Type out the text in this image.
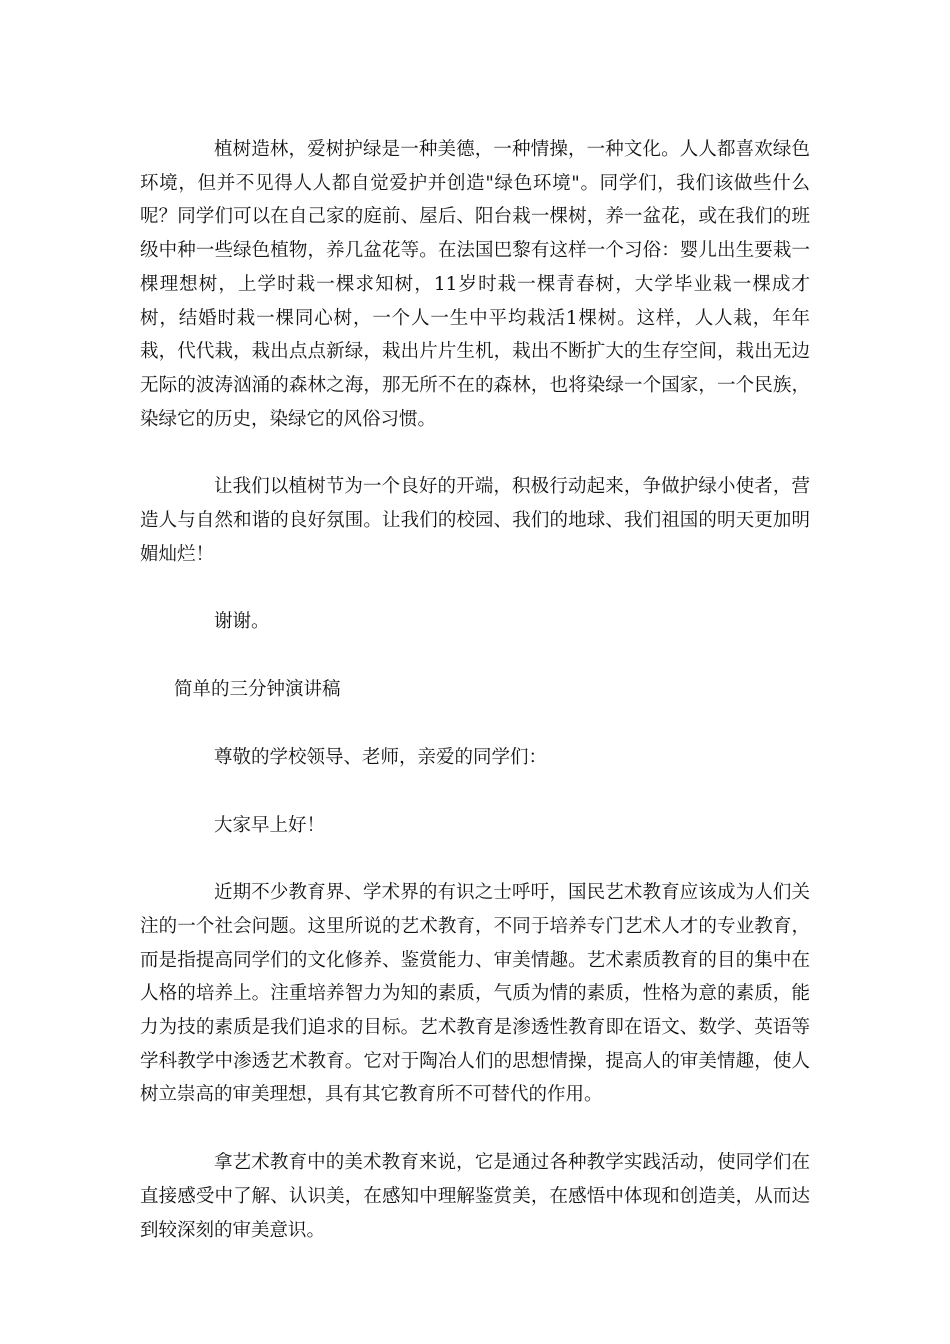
植树造林，爱树护绿是一种美德，一种情操，一种文化。人人都喜欢绿色环境，但并不见得人人都自觉爱护并创造"绿色环境"。同学们，我们该做些什么呢？同学们可以在自己家的庭前、屋后、阳台栽一棵树，养一盆花，或在我们的班级中种一些绿色植物，养几盆花等。在法国巴黎有这样一个习俗：婴儿出生要栽一棵理想树，上学时栽一棵求知树，11岁时栽一棵青春树，大学毕业栽一棵成才树，结婚时栽一棵同心树，一个人一生中平均栽活1棵树。这样，人人栽，年年栽，代代栽，栽出点点新绿，栽出片片生机，栽出不断扩大的生存空间，栽出无边无际的波涛汹涌的森林之海，那无所不在的森林，也将染绿一个国家，一个民族，染绿它的历史，染绿它的风俗习惯。

让我们以植树节为一个良好的开端，积极行动起来，争做护绿小使者，营造人与自然和谐的良好氛围。让我们的校园、我们的地球、我们祖国的明天更加明媚灿烂！

谢谢。

简单的三分钟演讲稿

尊敬的学校领导、老师，亲爱的同学们：

大家早上好！

近期不少教育界、学术界的有识之士呼吁，国民艺术教育应该成为人们关注的一个社会问题。这里所说的艺术教育，不同于培养专门艺术人才的专业教育，而是指提高同学们的文化修养、鉴赏能力、审美情趣。艺术素质教育的目的集中在人格的培养上。注重培养智力为知的素质，气质为情的素质，性格为意的素质，能力为技的素质是我们追求的目标。艺术教育是渗透性教育即在语文、数学、英语等学科教学中渗透艺术教育。它对于陶冶人们的思想情操，提高人的审美情趣，使人树立崇高的审美理想，具有其它教育所不可替代的作用。

拿艺术教育中的美术教育来说，它是通过各种教学实践活动，使同学们在直接感受中了解、认识美，在感知中理解鉴赏美，在感悟中体现和创造美，从而达到较深刻的审美意识。
